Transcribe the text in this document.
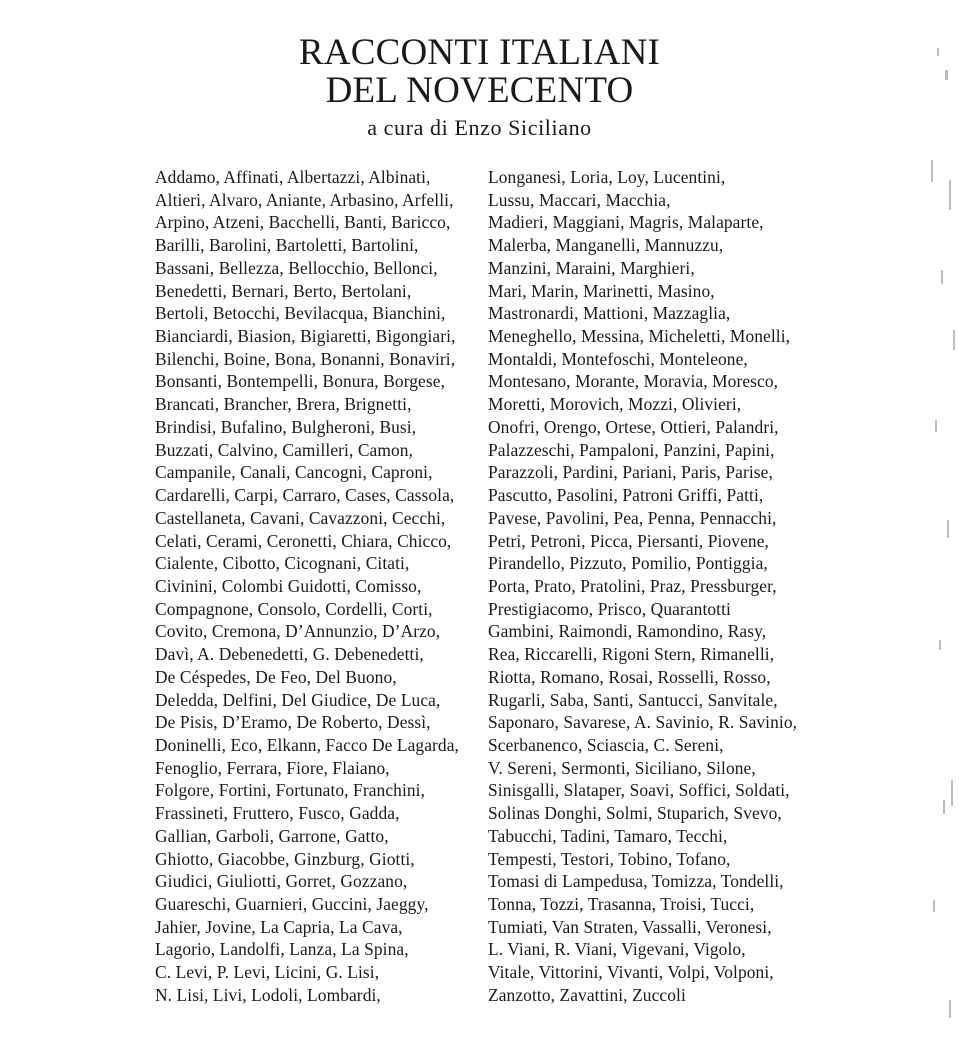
RACCONTI ITALIANI
DEL NOVECENTO
a cura di Enzo Siciliano
Addamo, Affinati, Albertazzi, Albinati,
Altieri, Alvaro, Aniante, Arbasino, Arfelli,
Arpino, Atzeni, Bacchelli, Banti, Baricco,
Barilli, Barolini, Bartoletti, Bartolini,
Bassani, Bellezza, Bellocchio, Bellonci,
Benedetti, Bernari, Berto, Bertolani,
Bertoli, Betocchi, Bevilacqua, Bianchini,
Bianciardi, Biasion, Bigiaretti, Bigongiari,
Bilenchi, Boine, Bona, Bonanni, Bonaviri,
Bonsanti, Bontempelli, Bonura, Borgese,
Brancati, Brancher, Brera, Brignetti,
Brindisi, Bufalino, Bulgheroni, Busi,
Buzzati, Calvino, Camilleri, Camon,
Campanile, Canali, Cancogni, Caproni,
Cardarelli, Carpi, Carraro, Cases, Cassola,
Castellaneta, Cavani, Cavazzoni, Cecchi,
Celati, Cerami, Ceronetti, Chiara, Chicco,
Cialente, Cibotto, Cicognani, Citati,
Civinini, Colombi Guidotti, Comisso,
Compagnone, Consolo, Cordelli, Corti,
Covito, Cremona, D’Annunzio, D’Arzo,
Davì, A. Debenedetti, G. Debenedetti,
De Céspedes, De Feo, Del Buono,
Deledda, Delfini, Del Giudice, De Luca,
De Pisis, D’Eramo, De Roberto, Dessì,
Doninelli, Eco, Elkann, Facco De Lagarda,
Fenoglio, Ferrara, Fiore, Flaiano,
Folgore, Fortini, Fortunato, Franchini,
Frassineti, Fruttero, Fusco, Gadda,
Gallian, Garboli, Garrone, Gatto,
Ghiotto, Giacobbe, Ginzburg, Giotti,
Giudici, Giuliotti, Gorret, Gozzano,
Guareschi, Guarnieri, Guccini, Jaeggy,
Jahier, Jovine, La Capria, La Cava,
Lagorio, Landolfi, Lanza, La Spina,
C. Levi, P. Levi, Licini, G. Lisi,
N. Lisi, Livi, Lodoli, Lombardi,
Longanesi, Loria, Loy, Lucentini,
Lussu, Maccari, Macchia,
Madieri, Maggiani, Magris, Malaparte,
Malerba, Manganelli, Mannuzzu,
Manzini, Maraini, Marghieri,
Mari, Marin, Marinetti, Masino,
Mastronardi, Mattioni, Mazzaglia,
Meneghello, Messina, Micheletti, Monelli,
Montaldi, Montefoschi, Monteleone,
Montesano, Morante, Moravia, Moresco,
Moretti, Morovich, Mozzi, Olivieri,
Onofri, Orengo, Ortese, Ottieri, Palandri,
Palazzeschi, Pampaloni, Panzini, Papini,
Parazzoli, Pardini, Pariani, Paris, Parise,
Pascutto, Pasolini, Patroni Griffi, Patti,
Pavese, Pavolini, Pea, Penna, Pennacchi,
Petri, Petroni, Picca, Piersanti, Piovene,
Pirandello, Pizzuto, Pomilio, Pontiggia,
Porta, Prato, Pratolini, Praz, Pressburger,
Prestigiacomo, Prisco, Quarantotti
Gambini, Raimondi, Ramondino, Rasy,
Rea, Riccarelli, Rigoni Stern, Rimanelli,
Riotta, Romano, Rosai, Rosselli, Rosso,
Rugarli, Saba, Santi, Santucci, Sanvitale,
Saponaro, Savarese, A. Savinio, R. Savinio,
Scerbanenco, Sciascia, C. Sereni,
V. Sereni, Sermonti, Siciliano, Silone,
Sinisgalli, Slataper, Soavi, Soffici, Soldati,
Solinas Donghi, Solmi, Stuparich, Svevo,
Tabucchi, Tadini, Tamaro, Tecchi,
Tempesti, Testori, Tobino, Tofano,
Tomasi di Lampedusa, Tomizza, Tondelli,
Tonna, Tozzi, Trasanna, Troisi, Tucci,
Tumiati, Van Straten, Vassalli, Veronesi,
L. Viani, R. Viani, Vigevani, Vigolo,
Vitale, Vittorini, Vivanti, Volpi, Volponi,
Zanzotto, Zavattini, Zuccoli
